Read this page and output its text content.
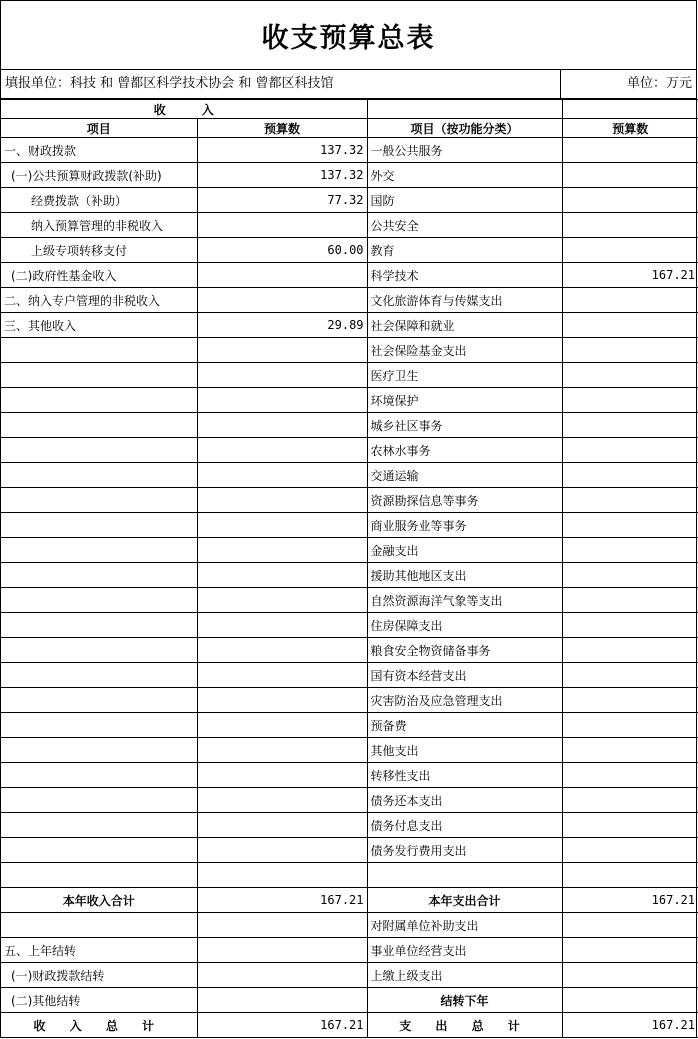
收支预算总表
填报单位：科技 和 曾都区科学技术协会 和 曾都区科技馆	单位：万元
收　　　入			
项目	预算数	项目（按功能分类）	预算数
一、财政拨款	137.32	一般公共服务	
(一)公共预算财政拨款(补助)	137.32	外交	
经费拨款（补助）	77.32	国防	
纳入预算管理的非税收入		公共安全	
上级专项转移支付	60.00	教育	
(二)政府性基金收入		科学技术	167.21
二、纳入专户管理的非税收入		文化旅游体育与传媒支出	
三、其他收入	29.89	社会保障和就业	
		社会保险基金支出	
		医疗卫生	
		环境保护	
		城乡社区事务	
		农林水事务	
		交通运输	
		资源勘探信息等事务	
		商业服务业等事务	
		金融支出	
		援助其他地区支出	
		自然资源海洋气象等支出	
		住房保障支出	
		粮食安全物资储备事务	
		国有资本经营支出	
		灾害防治及应急管理支出	
		预备费	
		其他支出	
		转移性支出	
		债务还本支出	
		债务付息支出	
		债务发行费用支出	

本年收入合计	167.21	本年支出合计	167.21
		对附属单位补助支出	
五、上年结转		事业单位经营支出	
(一)财政拨款结转		上缴上级支出	
(二)其他结转		结转下年	
收 入 总 计	167.21	支 出 总 计	167.21
